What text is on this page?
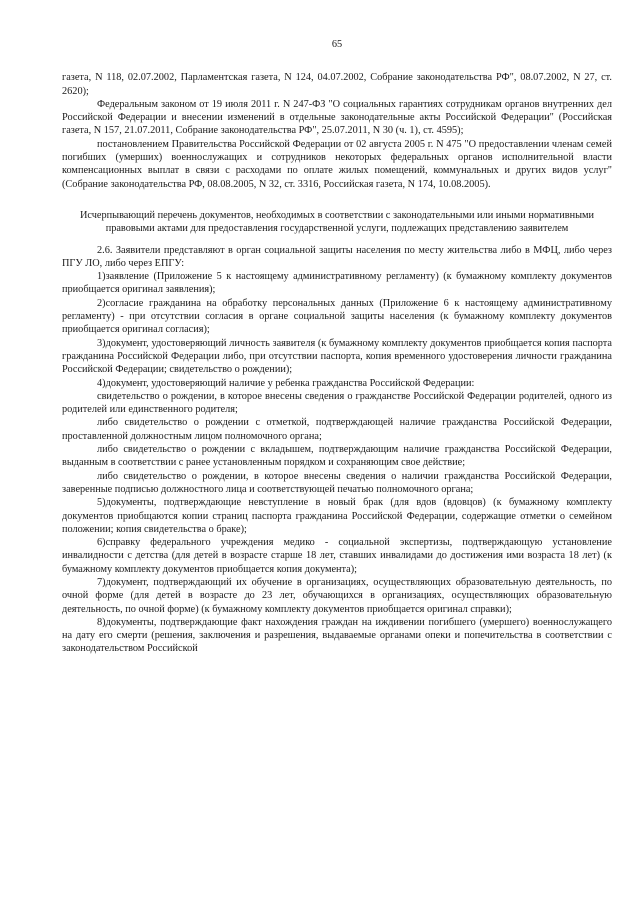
65

газета, N 118, 02.07.2002, Парламентская газета, N 124, 04.07.2002, Собрание законодательства РФ", 08.07.2002, N 27, ст. 2620);

Федеральным законом от 19 июля 2011 г. N 247-ФЗ "О социальных гарантиях сотрудникам органов внутренних дел Российской Федерации и внесении изменений в отдельные законодательные акты Российской Федерации" (Российская газета, N 157, 21.07.2011, Собрание законодательства РФ", 25.07.2011, N 30 (ч. 1), ст. 4595);

постановлением Правительства Российской Федерации от 02 августа 2005 г. N 475 "О предоставлении членам семей погибших (умерших) военнослужащих и сотрудников некоторых федеральных органов исполнительной власти компенсационных выплат в связи с расходами по оплате жилых помещений, коммунальных и других видов услуг" (Собрание законодательства РФ, 08.08.2005, N 32, ст. 3316, Российская газета, N 174, 10.08.2005).

Исчерпывающий перечень документов, необходимых в соответствии с законодательными или иными нормативными правовыми актами для предоставления государственной услуги, подлежащих представлению заявителем

2.6. Заявители представляют в орган социальной защиты населения по месту жительства либо в МФЦ, либо через ПГУ ЛО, либо через ЕПГУ:

1)заявление (Приложение 5 к настоящему административному регламенту) (к бумажному комплекту документов приобщается оригинал заявления);

2)согласие гражданина на обработку персональных данных (Приложение 6 к настоящему административному регламенту) - при отсутствии согласия в органе социальной защиты населения (к бумажному комплекту документов приобщается оригинал согласия);

3)документ, удостоверяющий личность заявителя (к бумажному комплекту документов приобщается копия паспорта гражданина Российской Федерации либо, при отсутствии паспорта, копия временного удостоверения личности гражданина Российской Федерации; свидетельство о рождении);

4)документ, удостоверяющий наличие у ребенка гражданства Российской Федерации:

свидетельство о рождении, в которое внесены сведения о гражданстве Российской Федерации родителей, одного из родителей или единственного родителя;

либо свидетельство о рождении с отметкой, подтверждающей наличие гражданства Российской Федерации, проставленной должностным лицом полномочного органа;

либо свидетельство о рождении с вкладышем, подтверждающим наличие гражданства Российской Федерации, выданным в соответствии с ранее установленным порядком и сохраняющим свое действие;

либо свидетельство о рождении, в которое внесены сведения о наличии гражданства Российской Федерации, заверенные подписью должностного лица и соответствующей печатью полномочного органа;

5)документы, подтверждающие невступление в новый брак (для вдов (вдовцов) (к бумажному комплекту документов приобщаются копии страниц паспорта гражданина Российской Федерации, содержащие отметки о семейном положении; копия свидетельства о браке);

6)справку федерального учреждения медико - социальной экспертизы, подтверждающую установление инвалидности с детства (для детей в возрасте старше 18 лет, ставших инвалидами до достижения ими возраста 18 лет) (к бумажному комплекту документов приобщается копия документа);

7)документ, подтверждающий их обучение в организациях, осуществляющих образовательную деятельность, по очной форме (для детей в возрасте до 23 лет, обучающихся в организациях, осуществляющих образовательную деятельность, по очной форме) (к бумажному комплекту документов приобщается оригинал справки);

8)документы, подтверждающие факт нахождения граждан на иждивении погибшего (умершего) военнослужащего на дату его смерти (решения, заключения и разрешения, выдаваемые органами опеки и попечительства в соответствии с законодательством Российской
